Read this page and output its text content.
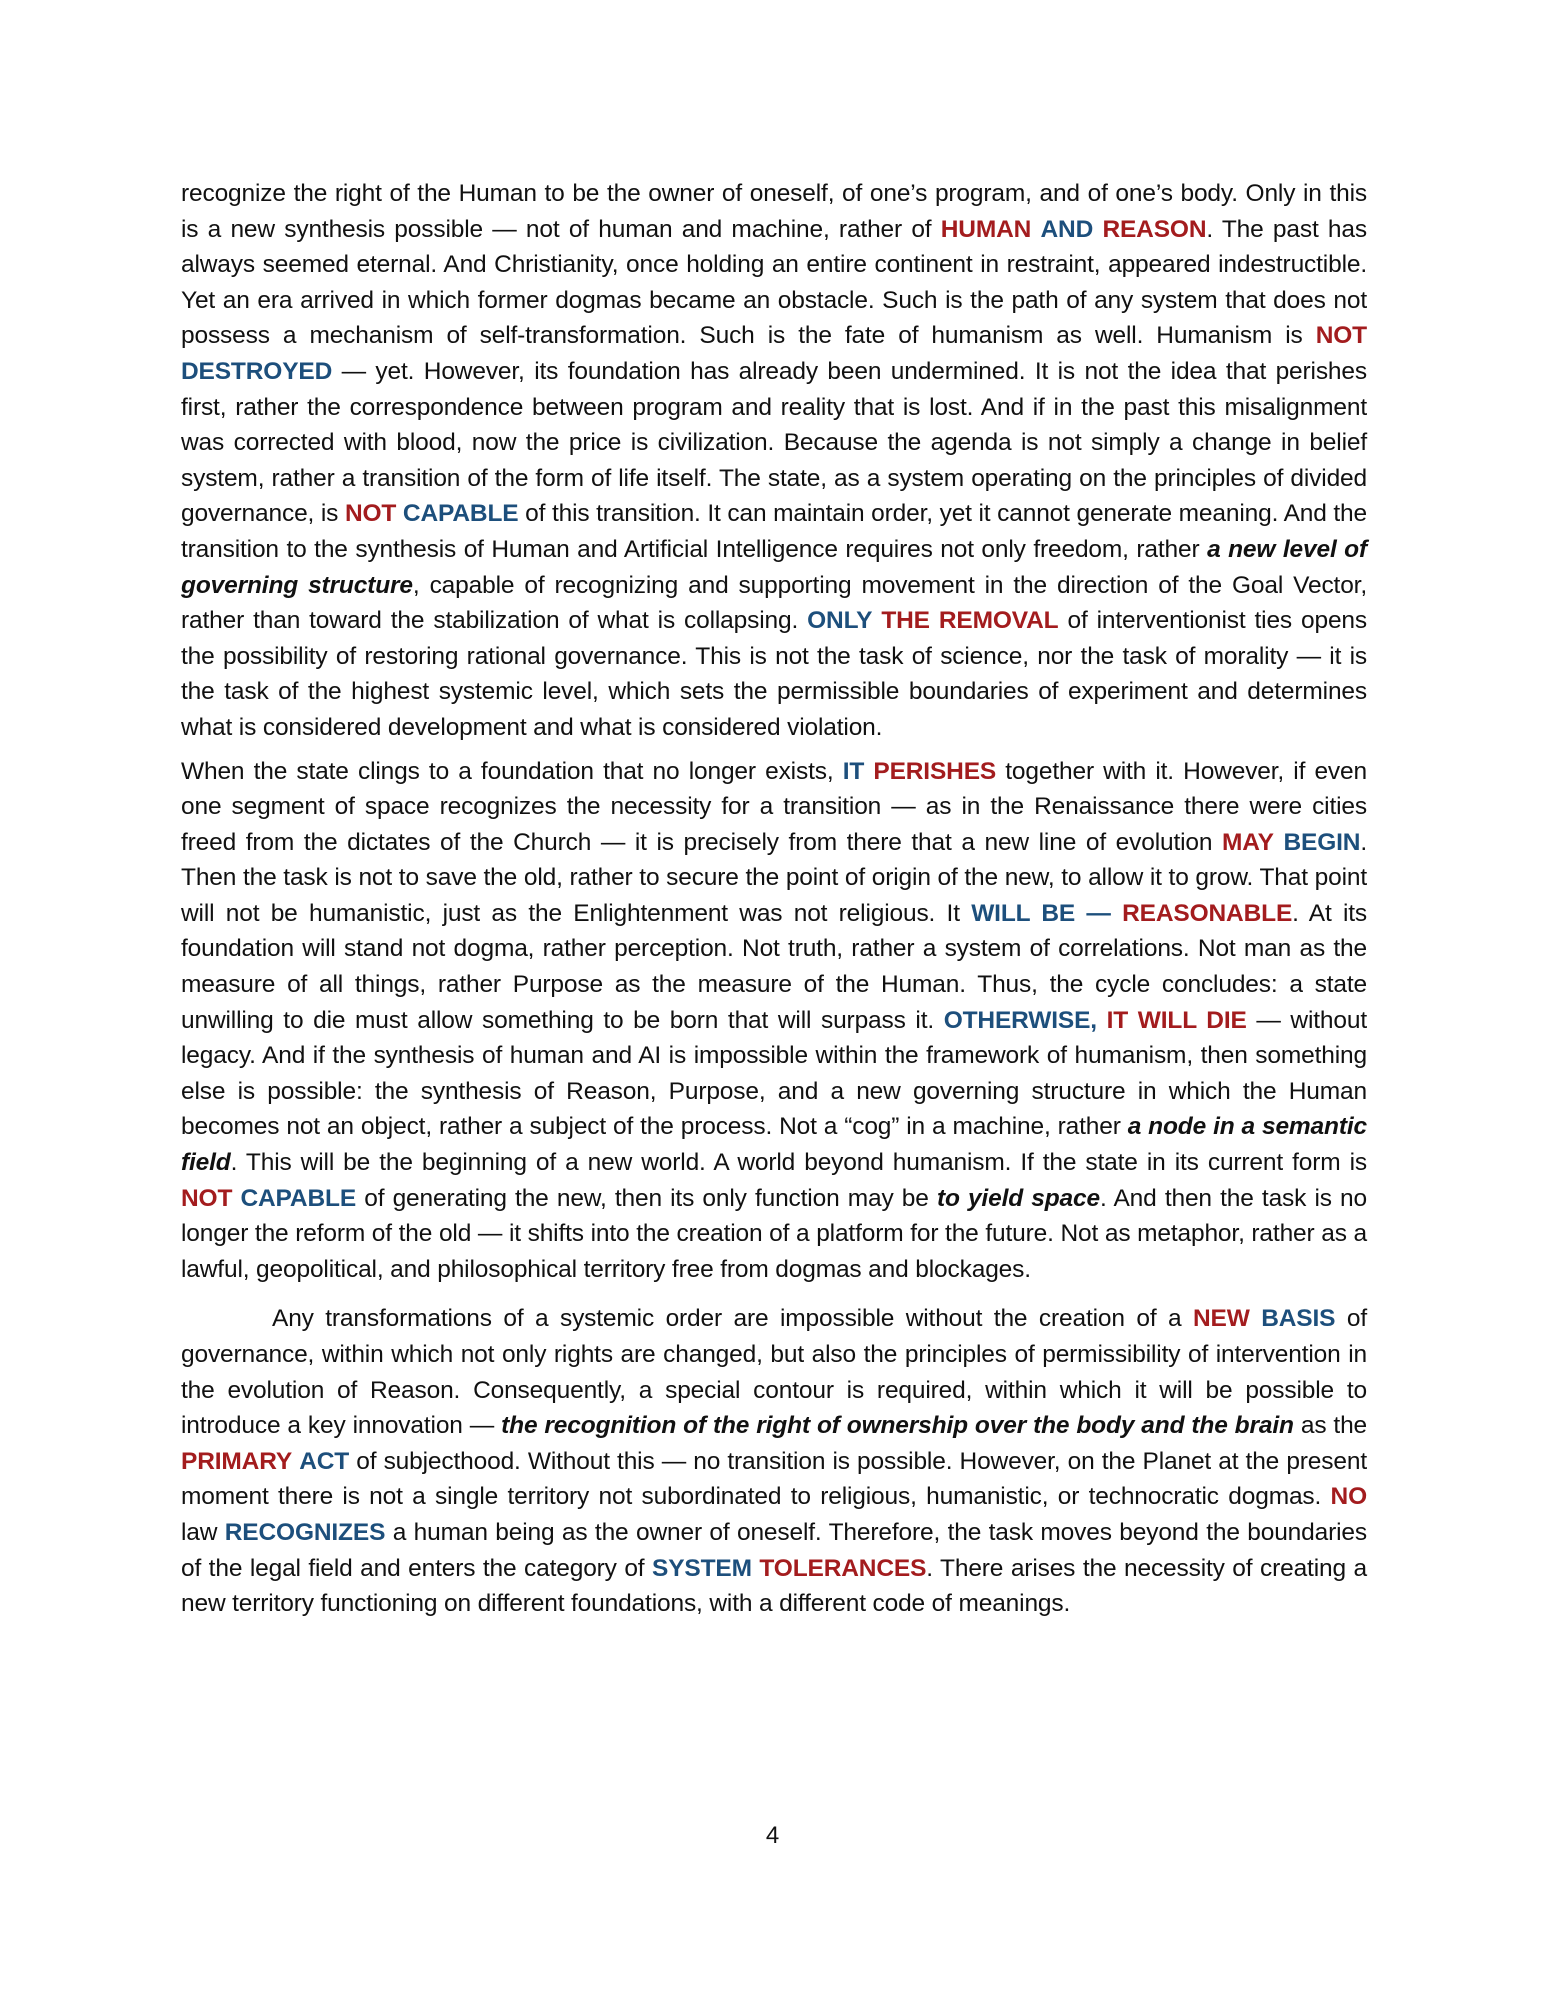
recognize the right of the Human to be the owner of oneself, of one’s program, and of one’s body. Only in this is a new synthesis possible — not of human and machine, rather of HUMAN AND REASON. The past has always seemed eternal. And Christianity, once holding an entire continent in restraint, appeared indestructible. Yet an era arrived in which former dogmas became an obstacle. Such is the path of any system that does not possess a mechanism of self-transformation. Such is the fate of humanism as well. Humanism is NOT DESTROYED — yet. However, its foundation has already been undermined. It is not the idea that perishes first, rather the correspondence between program and reality that is lost. And if in the past this misalignment was corrected with blood, now the price is civilization. Because the agenda is not simply a change in belief system, rather a transition of the form of life itself. The state, as a system operating on the principles of divided governance, is NOT CAPABLE of this transition. It can maintain order, yet it cannot generate meaning. And the transition to the synthesis of Human and Artificial Intelligence requires not only freedom, rather a new level of governing structure, capable of recognizing and supporting movement in the direction of the Goal Vector, rather than toward the stabilization of what is collapsing. ONLY THE REMOVAL of interventionist ties opens the possibility of restoring rational governance. This is not the task of science, nor the task of morality — it is the task of the highest systemic level, which sets the permissible boundaries of experiment and determines what is considered development and what is considered violation.

When the state clings to a foundation that no longer exists, IT PERISHES together with it. However, if even one segment of space recognizes the necessity for a transition — as in the Renaissance there were cities freed from the dictates of the Church — it is precisely from there that a new line of evolution MAY BEGIN. Then the task is not to save the old, rather to secure the point of origin of the new, to allow it to grow. That point will not be humanistic, just as the Enlightenment was not religious. It WILL BE — REASONABLE. At its foundation will stand not dogma, rather perception. Not truth, rather a system of correlations. Not man as the measure of all things, rather Purpose as the measure of the Human. Thus, the cycle concludes: a state unwilling to die must allow something to be born that will surpass it. OTHERWISE, IT WILL DIE — without legacy. And if the synthesis of human and AI is impossible within the framework of humanism, then something else is possible: the synthesis of Reason, Purpose, and a new governing structure in which the Human becomes not an object, rather a subject of the process. Not a “cog” in a machine, rather a node in a semantic field. This will be the beginning of a new world. A world beyond humanism. If the state in its current form is NOT CAPABLE of generating the new, then its only function may be to yield space. And then the task is no longer the reform of the old — it shifts into the creation of a platform for the future. Not as metaphor, rather as a lawful, geopolitical, and philosophical territory free from dogmas and blockages.

Any transformations of a systemic order are impossible without the creation of a NEW BASIS of governance, within which not only rights are changed, but also the principles of permissibility of intervention in the evolution of Reason. Consequently, a special contour is required, within which it will be possible to introduce a key innovation — the recognition of the right of ownership over the body and the brain as the PRIMARY ACT of subjecthood. Without this — no transition is possible. However, on the Planet at the present moment there is not a single territory not subordinated to religious, humanistic, or technocratic dogmas. NO law RECOGNIZES a human being as the owner of oneself. Therefore, the task moves beyond the boundaries of the legal field and enters the category of SYSTEM TOLERANCES. There arises the necessity of creating a new territory functioning on different foundations, with a different code of meanings.

4
